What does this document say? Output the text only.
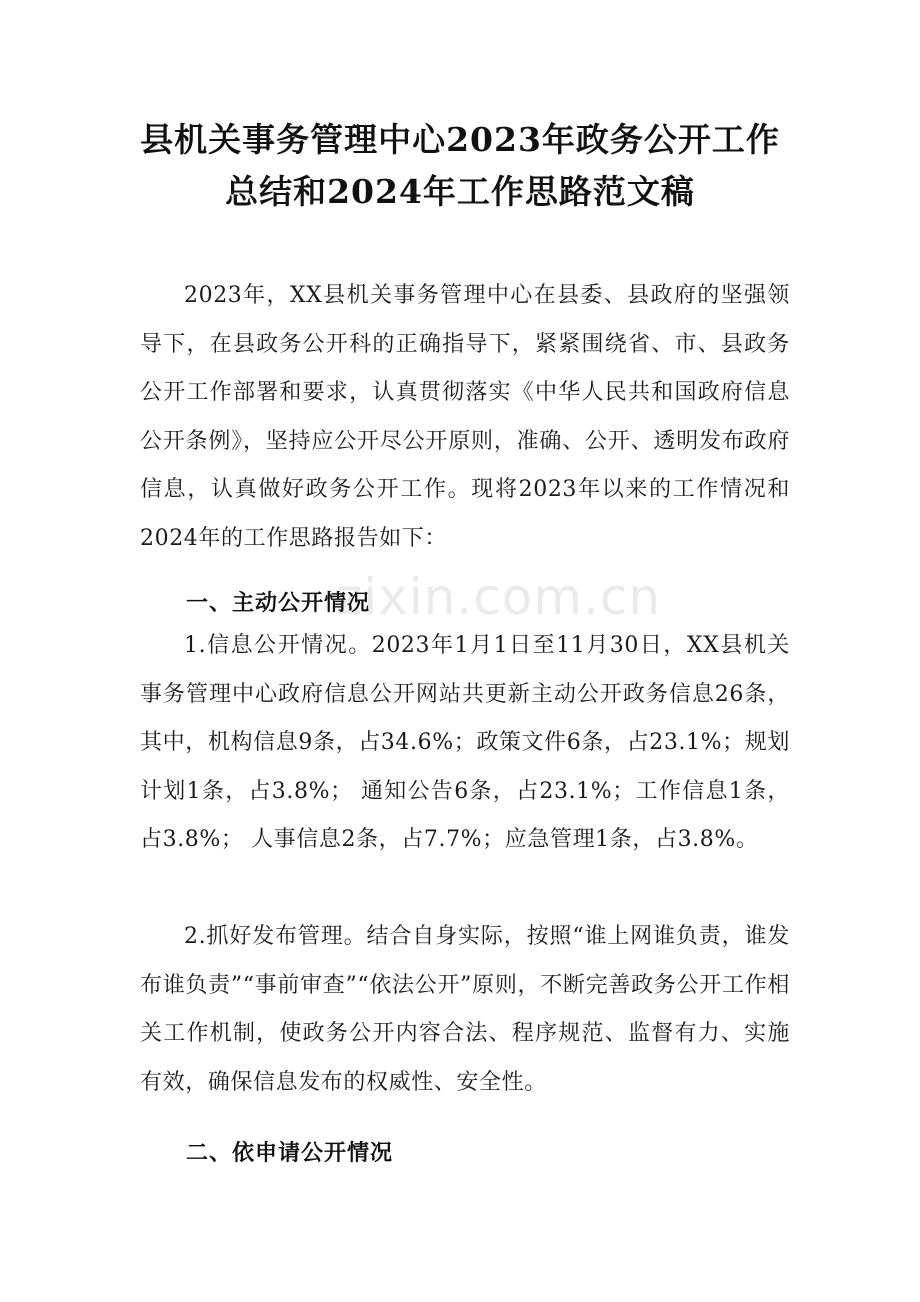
zixin.com.cn
县机关事务管理中心2023年政务公开工作
总结和2024年工作思路范文稿

2023年，XX县机关事务管理中心在县委、县政府的坚强领导下，在县政务公开科的正确指导下，紧紧围绕省、市、县政务公开工作部署和要求，认真贯彻落实《中华人民共和国政府信息公开条例》，坚持应公开尽公开原则，准确、公开、透明发布政府信息，认真做好政务公开工作。现将2023年以来的工作情况和2024年的工作思路报告如下：

一、主动公开情况

1.信息公开情况。2023年1月1日至11月30日，XX县机关事务管理中心政府信息公开网站共更新主动公开政务信息26条，其中，机构信息9条，占34.6%；政策文件6条，占23.1%；规划计划1条，占3.8%； 通知公告6条，占23.1%；工作信息1条，占3.8%； 人事信息2条，占7.7%；应急管理1条，占3.8%。

2.抓好发布管理。结合自身实际，按照“谁上网谁负责，谁发布谁负责”“事前审查”“依法公开”原则，不断完善政务公开工作相关工作机制，使政务公开内容合法、程序规范、监督有力、实施有效，确保信息发布的权威性、安全性。

二、依申请公开情况
